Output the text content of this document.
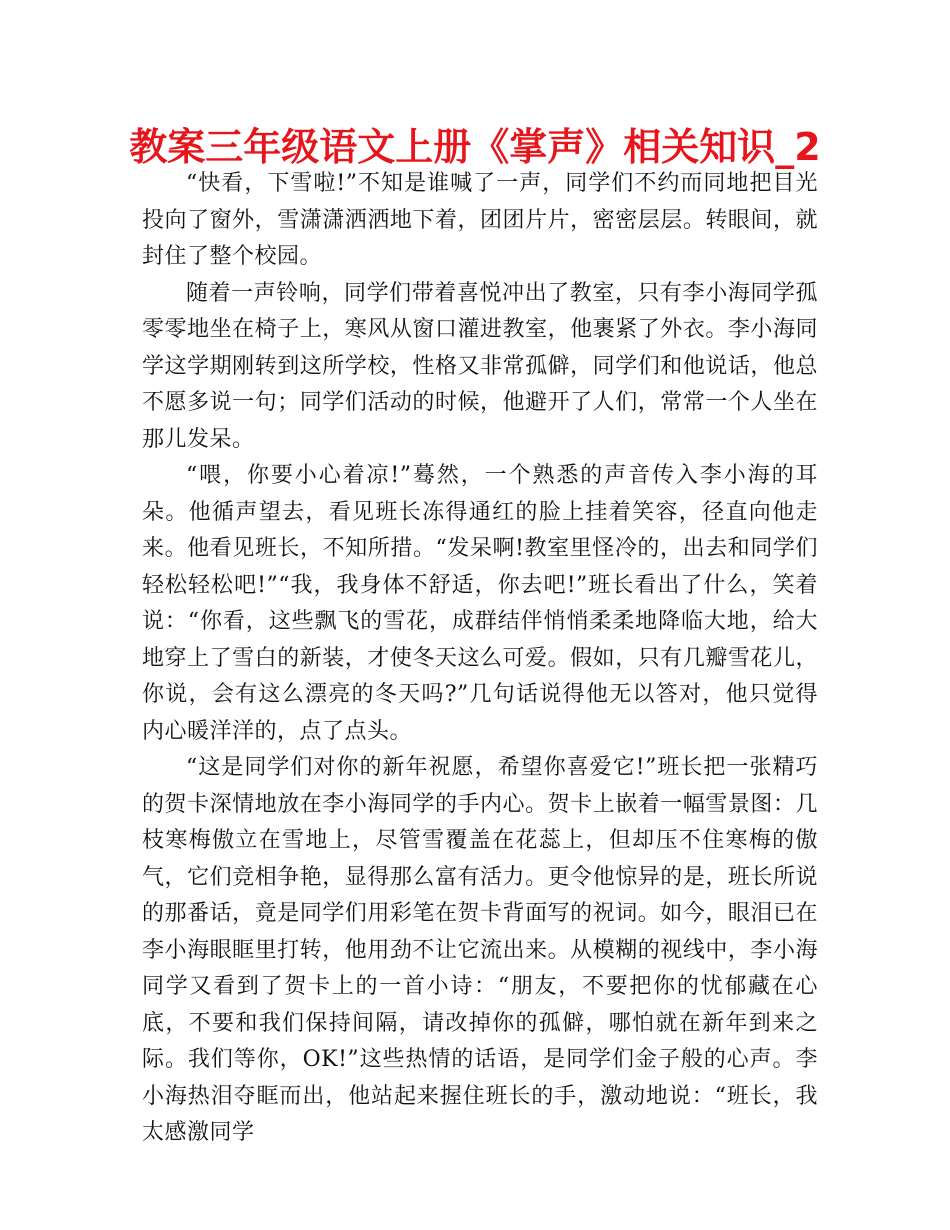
教案三年级语文上册《掌声》相关知识_2

“快看，下雪啦!”不知是谁喊了一声，同学们不约而同地把目光投向了窗外，雪潇潇洒洒地下着，团团片片，密密层层。转眼间，就封住了整个校园。

随着一声铃响，同学们带着喜悦冲出了教室，只有李小海同学孤零零地坐在椅子上，寒风从窗口灌进教室，他裹紧了外衣。李小海同学这学期刚转到这所学校，性格又非常孤僻，同学们和他说话，他总不愿多说一句；同学们活动的时候，他避开了人们，常常一个人坐在那儿发呆。

“喂，你要小心着凉!”蓦然，一个熟悉的声音传入李小海的耳朵。他循声望去，看见班长冻得通红的脸上挂着笑容，径直向他走来。他看见班长，不知所措。“发呆啊!教室里怪冷的，出去和同学们轻松轻松吧!”“我，我身体不舒适，你去吧!”班长看出了什么，笑着说：“你看，这些飘飞的雪花，成群结伴悄悄柔柔地降临大地，给大地穿上了雪白的新装，才使冬天这么可爱。假如，只有几瓣雪花儿，你说，会有这么漂亮的冬天吗?”几句话说得他无以答对，他只觉得内心暖洋洋的，点了点头。

“这是同学们对你的新年祝愿，希望你喜爱它!”班长把一张精巧的贺卡深情地放在李小海同学的手内心。贺卡上嵌着一幅雪景图：几枝寒梅傲立在雪地上，尽管雪覆盖在花蕊上，但却压不住寒梅的傲气，它们竞相争艳，显得那么富有活力。更令他惊异的是，班长所说的那番话，竟是同学们用彩笔在贺卡背面写的祝词。如今，眼泪已在李小海眼眶里打转，他用劲不让它流出来。从模糊的视线中，李小海同学又看到了贺卡上的一首小诗：“朋友，不要把你的忧郁藏在心底，不要和我们保持间隔，请改掉你的孤僻，哪怕就在新年到来之际。我们等你，OK!”这些热情的话语，是同学们金子般的心声。李小海热泪夺眶而出，他站起来握住班长的手，激动地说：“班长，我太感激同学
